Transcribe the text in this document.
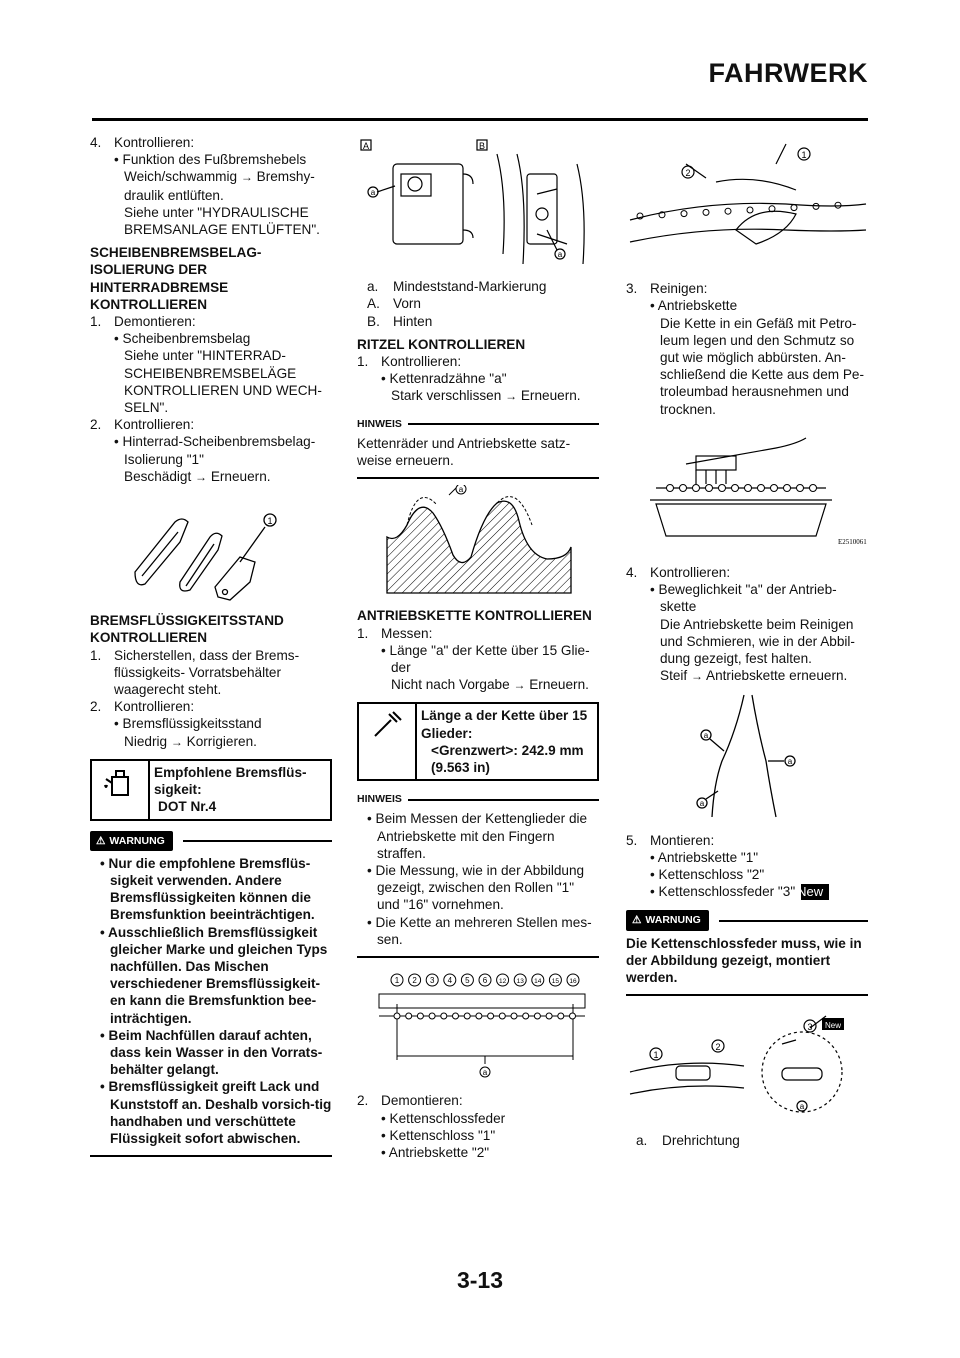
FAHRWERK

4. Kontrollieren:

• Funktion des Fußbremshebels

Weich/schwammig → Bremshy-draulik entlüften.

Siehe unter "HYDRAULISCHE BREMSANLAGE ENTLÜFTEN".

SCHEIBENBREMSBELAG-ISOLIERUNG DER HINTERRADBREMSE KONTROLLIEREN

1. Demontieren:

• Scheibenbremsbelag

Siehe unter "HINTERRAD-SCHEIBENBREMSBELÄGE KONTROLLIEREN UND WECH-SELN".

2. Kontrollieren:

• Hinterrad-Scheibenbremsbelag-Isolierung "1"

Beschädigt → Erneuern.

1

BREMSFLÜSSIGKEITSSTAND KONTROLLIEREN

1. Sicherstellen, dass der Brems-flüssigkeits- Vorratsbehälter waagerecht steht.

2. Kontrollieren:

• Bremsflüssigkeitsstand

Niedrig → Korrigieren.

Empfohlene Bremsflüs-sigkeit:
DOT Nr.4
⚠ WARNUNG
• Nur die empfohlene Bremsflüs-sigkeit verwenden. Andere Bremsflüssigkeiten können die Bremsfunktion beeinträchtigen.
• Ausschließlich Bremsflüssigkeit gleicher Marke und gleichen Typs nachfüllen. Das Mischen verschiedener Bremsflüssigkeit-en kann die Bremsfunktion bee-inträchtigen.
• Beim Nachfüllen darauf achten, dass kein Wasser in den Vorrats-behälter gelangt.
• Bremsflüssigkeit greift Lack und Kunststoff an. Deshalb vorsich-tig handhaben und verschüttete Flüssigkeit sofort abwischen.
A	B
a
a
a. Mindeststand-Markierung
A. Vorn
B. Hinten

RITZEL KONTROLLIEREN

1. Kontrollieren:

• Kettenradzähne "a"

Stark verschlissen → Erneuern.

HINWEIS
Kettenräder und Antriebskette satz-weise erneuern.
a

ANTRIEBSKETTE KONTROLLIEREN

1. Messen:

• Länge "a" der Kette über 15 Glie-der

Nicht nach Vorgabe → Erneuern.

Länge a der Kette über 15 Glieder:
<Grenzwert>: 242.9 mm (9.563 in)
HINWEIS
• Beim Messen der Kettenglieder die Antriebskette mit den Fingern straffen.
• Die Messung, wie in der Abbildung gezeigt, zwischen den Rollen "1" und "16" vornehmen.
• Die Kette an mehreren Stellen mes-sen.
1 2 3 4 5 6 12 13 14 15 16
a

2. Demontieren:

• Kettenschlossfeder
• Kettenschloss "1"
• Antriebskette "2"
1
2

3. Reinigen:

• Antriebskette

Die Kette in ein Gefäß mit Petro-leum legen und den Schmutz so gut wie möglich abbürsten. An-schließend die Kette aus dem Pe-troleumbad herausnehmen und trocknen.

E2510061

4. Kontrollieren:

• Beweglichkeit "a" der Antrieb-skette

Die Antriebskette beim Reinigen und Schmieren, wie in der Abbil-dung gezeigt, fest halten.

Steif → Antriebskette erneuern.

a
a
a

5. Montieren:

• Antriebskette "1"
• Kettenschloss "2"
• Kettenschlossfeder "3" New
⚠ WARNUNG
Die Kettenschlossfeder muss, wie in der Abbildung gezeigt, montiert werden.
1
2
3 New
a
a. Drehrichtung
3-13
